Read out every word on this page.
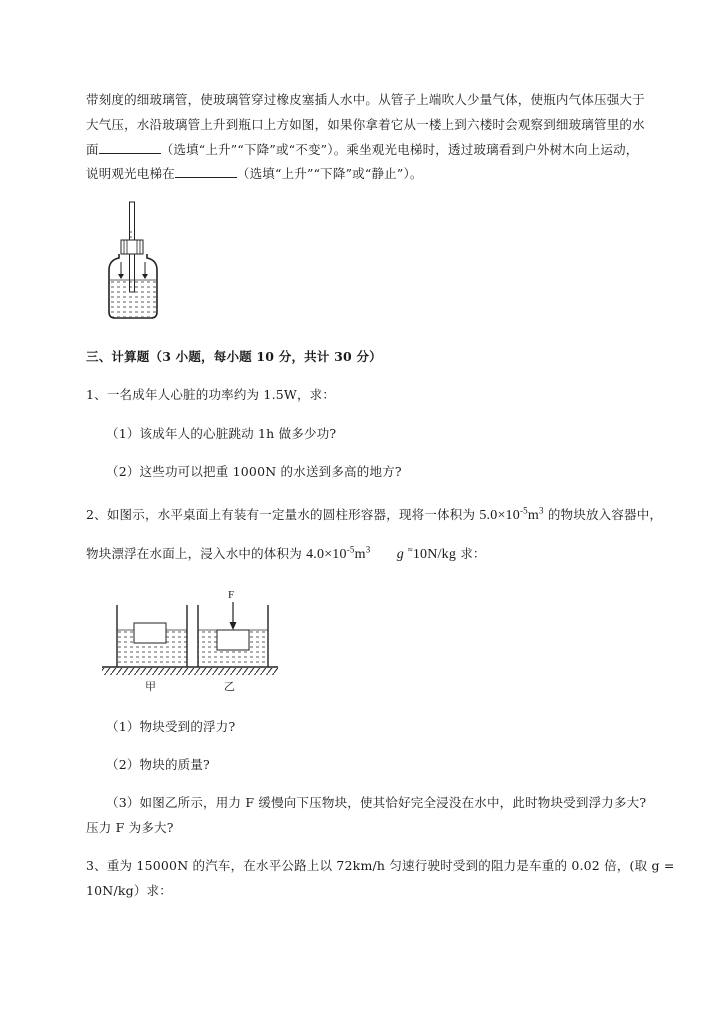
带刻度的细玻璃管，使玻璃管穿过橡皮塞插人水中。从管子上端吹人少量气体，使瓶内气体压强大于
大气压，水沿玻璃管上升到瓶口上方如图，如果你拿着它从一楼上到六楼时会观察到细玻璃管里的水
面	（选填“上升”“下降”或“不变”）。乘坐观光电梯时，透过玻璃看到户外树木向上运动，
说明观光电梯在	（选填“上升”“下降”或“静止”）。
三、计算题（3 小题，每小题 10 分，共计 30 分）
1、一名成年人心脏的功率约为 1.5W，求：
（1）该成年人的心脏跳动 1h 做多少功?
（2）这些功可以把重 1000N 的水送到多高的地方?
2、如图示，水平桌面上有装有一定量水的圆柱形容器，现将一体积为 $5.0\times 10^{-5}m^3$ 的物块放入容器中，
物块漂浮在水面上，浸入水中的体积为 $4.0\times 10^{-5}m^3$ g ≈10N/kg 求：
F
甲	乙
（1）物块受到的浮力?
（2）物块的质量?
（3）如图乙所示，用力 F 缓慢向下压物块，使其恰好完全浸没在水中，此时物块受到浮力多大?
压力 F 为多大?
3、重为 15000N 的汽车，在水平公路上以 72km/h 匀速行驶时受到的阻力是车重的 0.02 倍，(取 g =
10N/kg）求：
